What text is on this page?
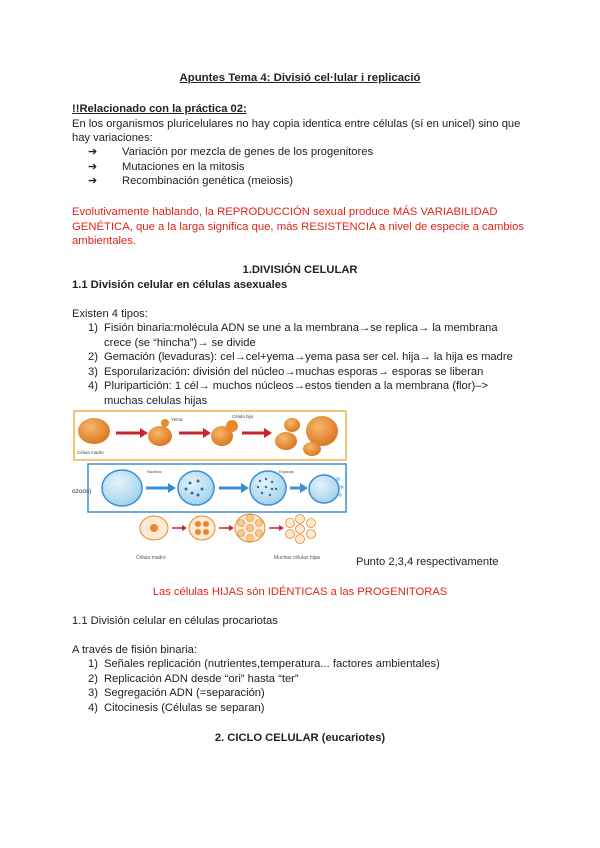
Apuntes Tema 4: Divisió cel·lular i replicació

!!Relacionado con la práctica 02:

En los organismos pluricelulares no hay copia identica entre células (sí en unicel) sino que

hay variaciones:

➔ Variación por mezcla de genes de los progenitores
➔ Mutaciones en la mitosis
➔ Recombinación genética (meiosis)

Evolutivamente hablando, la REPRODUCCIÓN sexual produce MÁS VARIABILIDAD

GENÉTICA, que a la larga significa que, más RESISTENCIA a nivel de especie a cambios

ambientales.

1.DIVISIÓN CELULAR

1.1 División celular en células asexuales

Existen 4 tipos:

1) Fisión binaria:molécula ADN se une a la membrana→se replica→ la membrana
crece (se “hincha”)→ se divide
2) Gemación (levaduras): cel→cel+yema→yema pasa ser cel. hija→ la hija es madre
3) Esporularización: división del núcleo→muchas esporas→ esporas se liberan
4) Pluripartición: 1 cél→ muchos núcleos→estos tienden a la membrana (flor)–>
muchas celulas hijas
Célula madre
Yema
Célula hija
ozoos)
Núcleos	Esporas
Célula madre	Muchas células hijas	Punto 2,3,4 respectivamente

Las células HIJAS són IDÉNTICAS a las PROGENITORAS

1.1 División celular en células procariotas

A través de fisión binaria:

1) Señales replicación (nutrientes,temperatura... factores ambientales)
2) Replicación ADN desde “ori” hasta “ter”
3) Segregación ADN (=separación)
4) Citocinesis (Células se separan)

2. CICLO CELULAR (eucariotes)
